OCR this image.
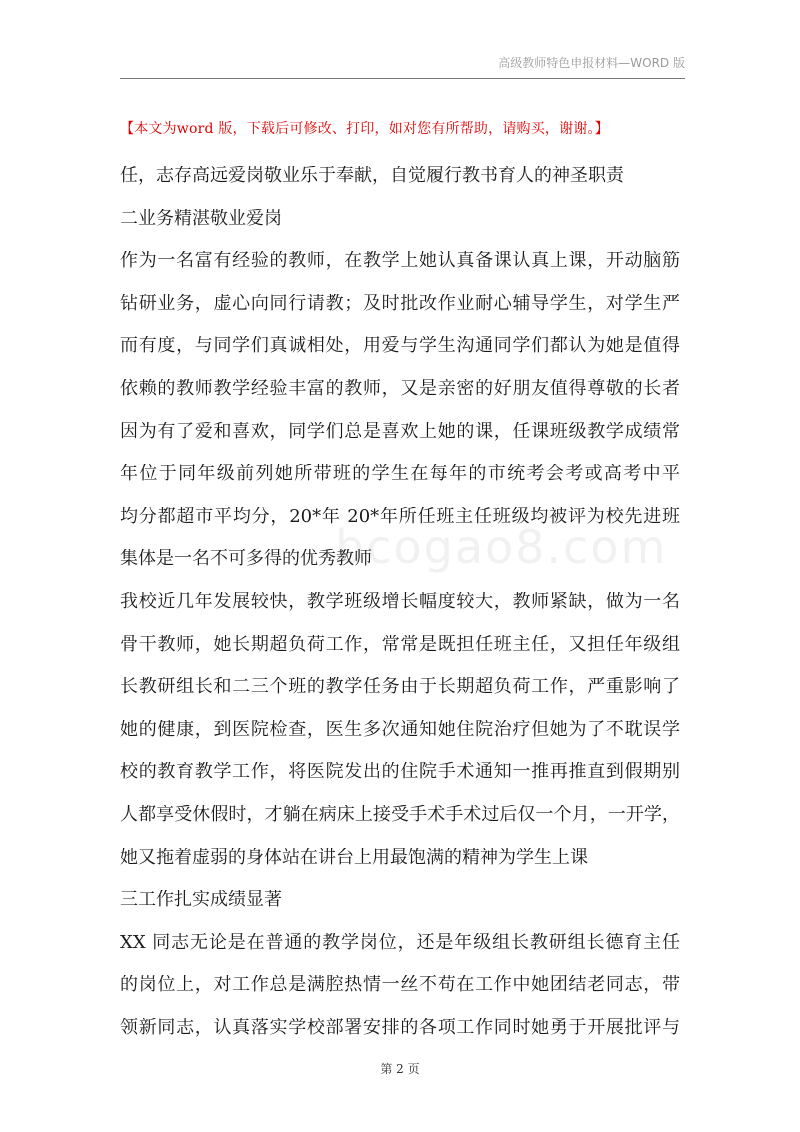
高级教师特色申报材料—WORD 版
【本文为word 版，下载后可修改、打印，如对您有所帮助，请购买，谢谢。】
bcogao8.com
任，志存高远爱岗敬业乐于奉献，自觉履行教书育人的神圣职责
二业务精湛敬业爱岗
作为一名富有经验的教师，在教学上她认真备课认真上课，开动脑筋
钻研业务，虚心向同行请教；及时批改作业耐心辅导学生，对学生严
而有度，与同学们真诚相处，用爱与学生沟通同学们都认为她是值得
依赖的教师教学经验丰富的教师，又是亲密的好朋友值得尊敬的长者
因为有了爱和喜欢，同学们总是喜欢上她的课，任课班级教学成绩常
年位于同年级前列她所带班的学生在每年的市统考会考或高考中平
均分都超市平均分，20*年 20*年所任班主任班级均被评为校先进班
集体是一名不可多得的优秀教师
我校近几年发展较快，教学班级增长幅度较大，教师紧缺，做为一名
骨干教师，她长期超负荷工作，常常是既担任班主任，又担任年级组
长教研组长和二三个班的教学任务由于长期超负荷工作，严重影响了
她的健康，到医院检查，医生多次通知她住院治疗但她为了不耽误学
校的教育教学工作，将医院发出的住院手术通知一推再推直到假期别
人都享受休假时，才躺在病床上接受手术手术过后仅一个月，一开学，
她又拖着虚弱的身体站在讲台上用最饱满的精神为学生上课
三工作扎实成绩显著
XX 同志无论是在普通的教学岗位，还是年级组长教研组长德育主任
的岗位上，对工作总是满腔热情一丝不苟在工作中她团结老同志，带
领新同志，认真落实学校部署安排的各项工作同时她勇于开展批评与
第 2 页
